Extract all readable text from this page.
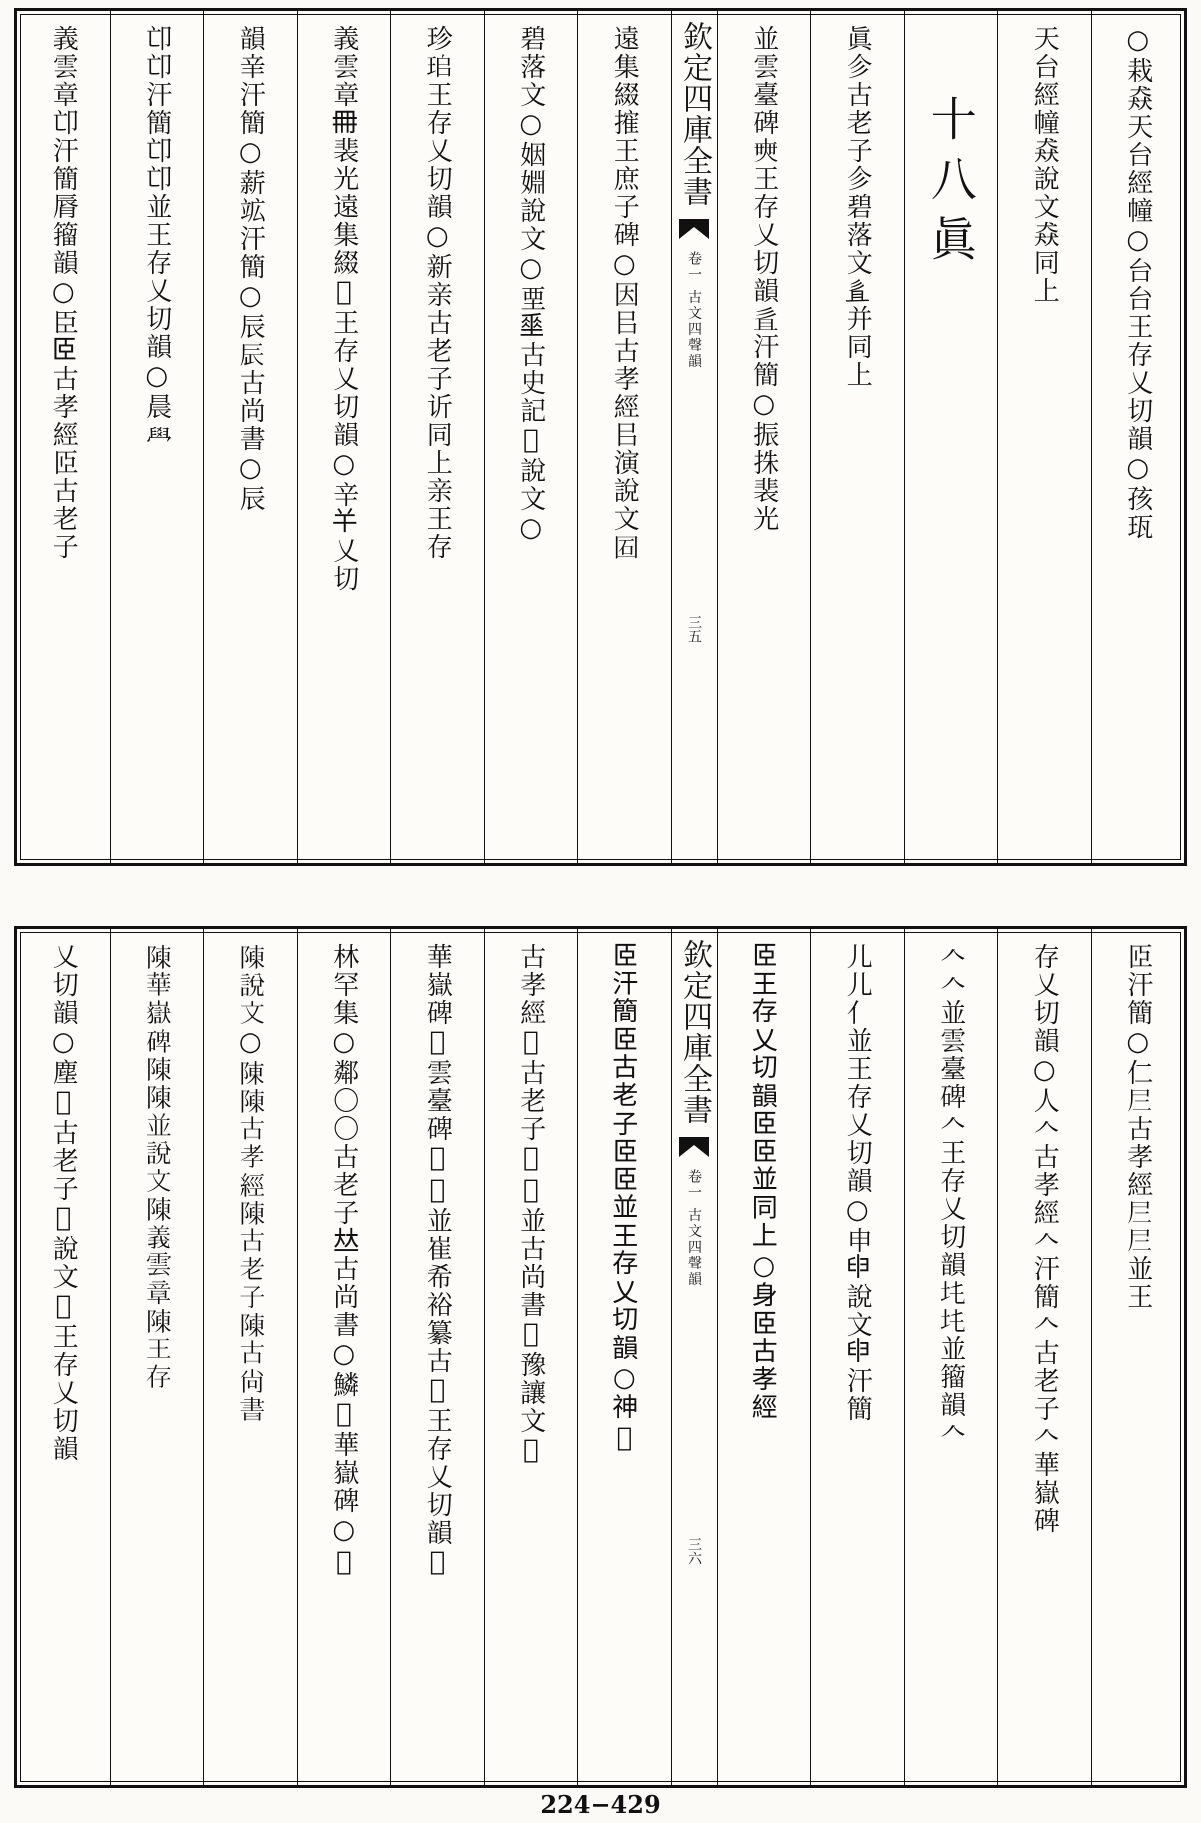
○栽猋天台經幢○台台王存乂切韻○孩珁
天台經幢猋說文猋同上
十八眞
眞㐱古老子㐱碧落文𢒉并同上
並雲臺碑𡘲王存乂切韻𢒉汗簡○振㧣裴光
欽定四庫全書
卷一 古文四聲韻
三五
遠集綴㩁王庶子碑○因㠯古孝經㠯演說文𡇈
碧落文○姻婣說文○垔𡍮古史記𡋂說文○
珍𤤷王存乂切韻○新亲古老子䜣同上亲王存
義雲章𠕋裴光遠集綴𣂘王存乂切韻○辛𢆉乂切
韻𨐌汗簡○薪䇊汗簡○辰𨑃古尚書○辰
𠨑𠨑汗簡𠨑𠨑並王存乂切韻○晨𦥯
義雲章𠨑汗簡脣籀韻○臣𦣞古孝經𦣝古老子
𦣝汗簡○仁𡰥古孝經𡰥𡰥並王
存乂切韻○人𠆢古孝經𠆢汗簡𠆢古老子𠆢華嶽碑
𠆢𠆢並雲臺碑𠆢王存乂切韻𡉒𡉒並籀韻𠆢
儿儿亻並王存乂切韻○申𦥔說文𦥔汗簡
𦣞王存乂切韻𦣞𦣞並同上○身𦣞古孝經
欽定四庫全書
卷一 古文四聲韻
三六
𦣞汗簡𦣞古老子𦣞𦣞並王存乂切韻○神𥛭
古孝經𥛭古老子𥛭𥛭並古尚書𥛭豫讓文𥛭
華嶽碑𥛭雲臺碑𥛭𥛭並崔希裕纂古𥛭王存乂切韻𨛏
林罕集○鄰〇〇古老子𠀤古尚書○鱗𩶍華嶽碑○𨜽
𨻰說文○陳𨻰古孝經𨻰古老子𨻰古尚書
𨻰華嶽碑𨻰𨻰並說文𨻰義雲章𨻰王存
乂切韻○塵𡓗古老子𡓗說文𡓗王存乂切韻
224−429
